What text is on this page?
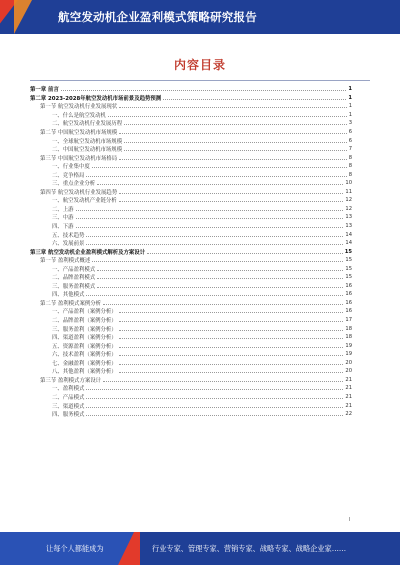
航空发动机企业盈利模式策略研究报告
内容目录
第一章 前言	1
第二章 2023-2028年航空发动机市场前景及趋势预测	1
第一节 航空发动机行业发展现状	1
一、什么是航空发动机	1
二、航空发动机行业发展历程	3
第二节 中国航空发动机市场规模	6
一、全球航空发动机市场规模	6
二、中国航空发动机市场规模	7
第三节 中国航空发动机市场格局	8
一、行业集中度	8
二、竞争格局	8
三、重点企业分析	10
第四节 航空发动机行业发展趋势	11
一、航空发动机产业链分析	12
二、上游	12
三、中游	13
四、下游	13
五、技术趋势	14
六、发展前景	14
第三章 航空发动机企业盈利模式解析及方案设计	15
第一节 盈利模式概述	15
一、产品盈利模式	15
二、品牌盈利模式	15
三、服务盈利模式	16
四、其他模式	16
第二节 盈利模式案例分析	16
一、产品盈利（案例分析）	16
二、品牌盈利（案例分析）	17
三、服务盈利（案例分析）	18
四、渠道盈利（案例分析）	18
五、资源盈利（案例分析）	19
六、技术盈利（案例分析）	19
七、金融盈利（案例分析）	20
八、其他盈利（案例分析）	20
第三节 盈利模式方案设计	21
一、盈利模式	21
二、产品模式	21
三、渠道模式	21
四、服务模式	22
I
让每个人都能成为	行业专家、管理专家、营销专家、战略专家、战略企业家……
